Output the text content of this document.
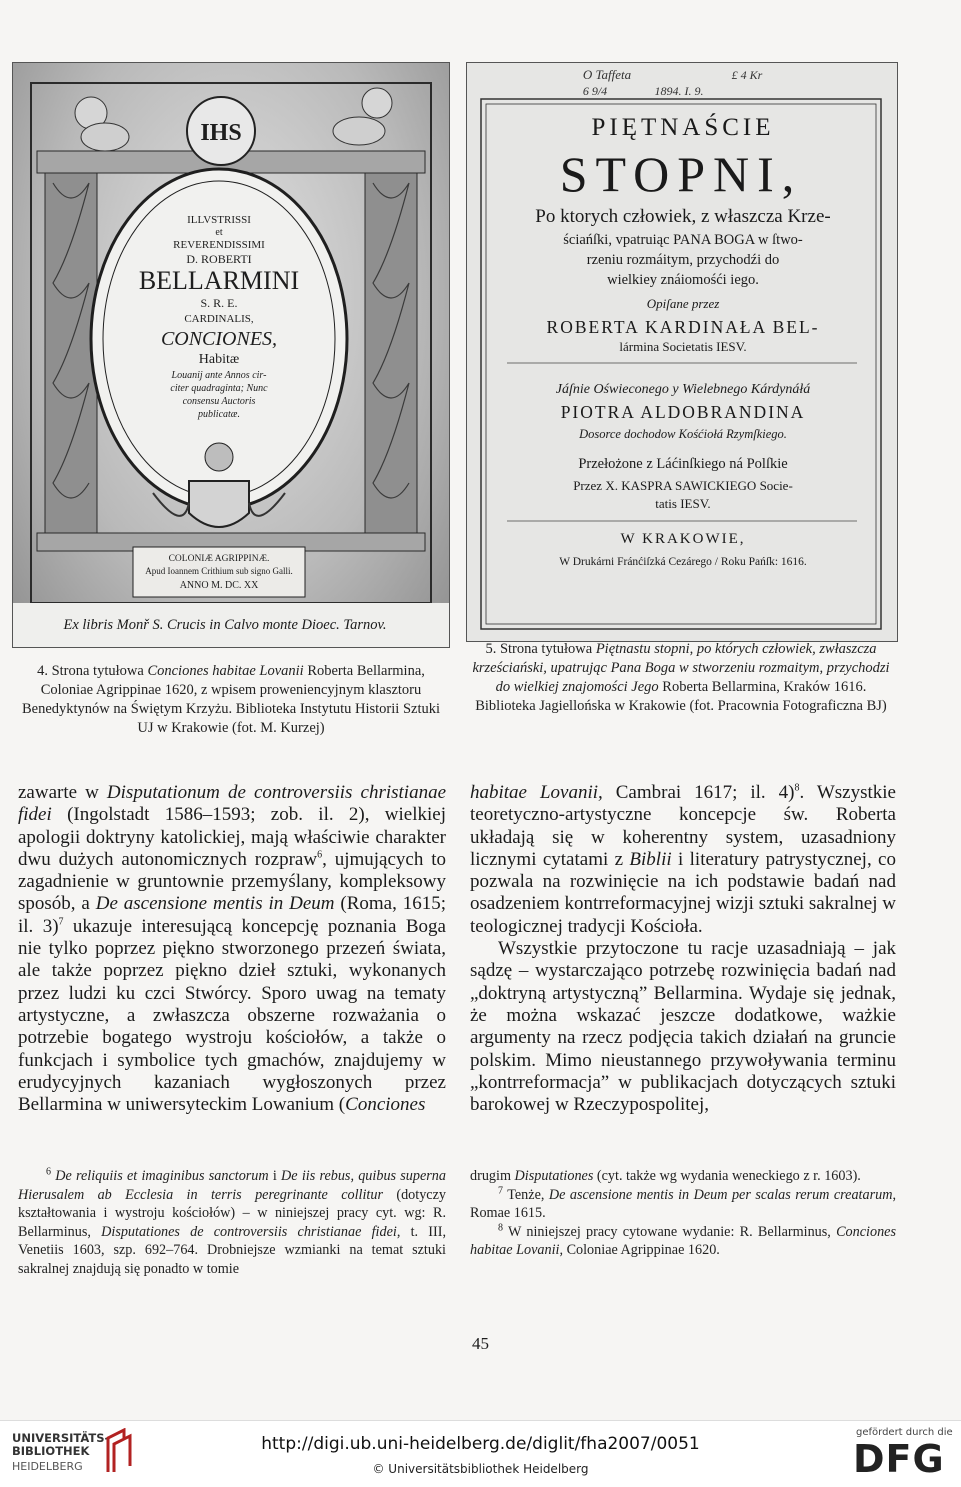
IHS
ILLVSTRISSI
et
REVERENDISSIMI
D. ROBERTI
BELLARMINI
S. R. E.
CARDINALIS,
CONCIONES,
Habitæ
Louanij ante Annos cir-
citer quadraginta; Nunc
consensu Auctoris
publicatæ.
COLONIÆ AGRIPPINÆ.
Apud Ioannem Crithium sub signo Galli.
ANNO M. DC. XX
Ex libris Monř S. Crucis in Calvo monte Dioec. Tarnov.
O Taffeta	£ 4 Kr
6 9/4	1894. I. 9.
PIĘTNAŚCIE
STOPNI,
Po ktorych człowiek, z właszcza Krze-
ściańſki, vpatruiąc PANA BOGA w ſtwo-
rzeniu rozmáitym, przychodźi do
wielkiey znáiomośći iego.
Opiſane przez
ROBERTA KARDINAŁA BEL-
lármina Societatis IESV.
Jáſnie Oświeconego y Wielebnego Kárdynáłá
PIOTRA ALDOBRANDINA
Dosorce dochodow Kośćiołá Rzymſkiego.
Przełożone z Láćinſkiego ná Polſkie
Przez X. KASPRA SAWICKIEGO Socie-
tatis IESV.
W KRAKOWIE,
W Drukárni Fránćiſzká Cezárego / Roku Pańſk: 1616.
4. Strona tytułowa Conciones habitae Lovanii Roberta Bellarmina, Coloniae Agrippinae 1620, z wpisem proweniencyjnym klasztoru Benedyktynów na Świętym Krzyżu. Biblioteka Instytutu Historii Sztuki UJ w Krakowie (fot. M. Kurzej)
5. Strona tytułowa Piętnastu stopni, po których człowiek, zwłaszcza krześciański, upatrując Pana Boga w stworzeniu rozmaitym, przychodzi do wielkiej znajomości Jego Roberta Bellarmina, Kraków 1616. Biblioteka Jagiellońska w Krakowie (fot. Pracownia Fotograficzna BJ)

zawarte w Disputationum de controversiis christianae fidei (Ingolstadt 1586–1593; zob. il. 2), wielkiej apologii doktryny katolickiej, mają właściwie charakter dwu dużych autonomicznych rozpraw$^6$, ujmujących to zagadnienie w gruntownie przemyślany, kompleksowy sposób, a De ascensione mentis in Deum (Roma, 1615; il. 3)$^7$ ukazuje interesującą koncepcję poznania Boga nie tylko poprzez piękno stworzonego przezeń świata, ale także poprzez piękno dzieł sztuki, wykonanych przez ludzi ku czci Stwórcy. Sporo uwag na tematy artystyczne, a zwłaszcza obszerne rozważania o potrzebie bogatego wystroju kościołów, a także o funkcjach i symbolice tych gmachów, znajdujemy w erudycyjnych kazaniach wygłoszonych przez Bellarmina w uniwersyteckim Lowanium (Conciones

habitae Lovanii, Cambrai 1617; il. 4)$^8$. Wszystkie teoretyczno-artystyczne koncepcje św. Roberta układają się w koherentny system, uzasadniony licznymi cytatami z Biblii i literatury patrystycznej, co pozwala na rozwinięcie na ich podstawie badań nad osadzeniem kontrreformacyjnej wizji sztuki sakralnej w teologicznej tradycji Kościoła.

Wszystkie przytoczone tu racje uzasadniają – jak sądzę – wystarczająco potrzebę rozwinięcia badań nad „doktryną artystyczną” Bellarmina. Wydaje się jednak, że można wskazać jeszcze dodatkowe, ważkie argumenty na rzecz podjęcia takich działań na gruncie polskim. Mimo nieustannego przywoływania terminu „kontrreformacja” w publikacjach dotyczących sztuki barokowej w Rzeczypospolitej,

$^6$ De reliquiis et imaginibus sanctorum i De iis rebus, quibus superna Hierusalem ab Ecclesia in terris peregrinante collitur (dotyczy kształtowania i wystroju kościołów) – w niniejszej pracy cyt. wg: R. Bellarminus, Disputationes de controversiis christianae fidei, t. III, Venetiis 1603, szp. 692–764. Drobniejsze wzmianki na temat sztuki sakralnej znajdują się ponadto w tomie

drugim Disputationes (cyt. także wg wydania weneckiego z r. 1603).

$^7$ Tenże, De ascensione mentis in Deum per scalas rerum creatarum, Romae 1615.

$^8$ W niniejszej pracy cytowane wydanie: R. Bellarminus, Conciones habitae Lovanii, Coloniae Agrippinae 1620.

45
UNIVERSITÄTS-
BIBLIOTHEK
HEIDELBERG
http://digi.ub.uni-heidelberg.de/diglit/fha2007/0051
© Universitätsbibliothek Heidelberg
gefördert durch die
DFG
